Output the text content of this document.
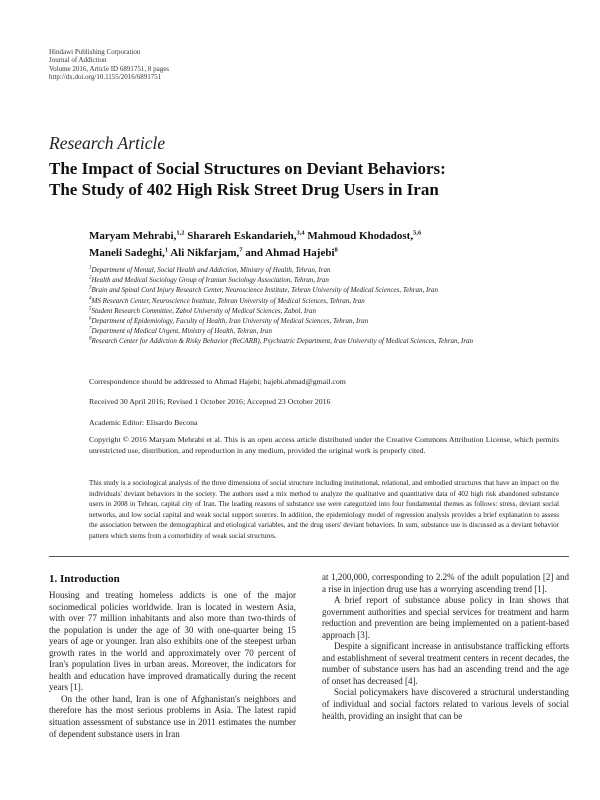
Hindawi Publishing Corporation
Journal of Addiction
Volume 2016, Article ID 6891751, 8 pages
http://dx.doi.org/10.1155/2016/6891751
Research Article
The Impact of Social Structures on Deviant Behaviors:
The Study of 402 High Risk Street Drug Users in Iran
Maryam Mehrabi,$^{1,2}$ Sharareh Eskandarieh,$^{3,4}$ Mahmoud Khodadost,$^{5,6}$
Maneli Sadeghi,$^1$ Ali Nikfarjam,$^7$ and Ahmad Hajebi$^8$
$^1$Department of Mental, Social Health and Addiction, Ministry of Health, Tehran, Iran
$^2$Health and Medical Sociology Group of Iranian Sociology Association, Tehran, Iran
$^3$Brain and Spinal Cord Injury Research Center, Neuroscience Institute, Tehran University of Medical Sciences, Tehran, Iran
$^4$MS Research Center, Neuroscience Institute, Tehran University of Medical Sciences, Tehran, Iran
$^5$Student Research Committee, Zabol University of Medical Sciences, Zabol, Iran
$^6$Department of Epidemiology, Faculty of Health, Iran University of Medical Sciences, Tehran, Iran
$^7$Department of Medical Urgent, Ministry of Health, Tehran, Iran
$^8$Research Center for Addiction & Risky Behavior (ReCARB), Psychiatric Department, Iran University of Medical Sciences, Tehran, Iran
Correspondence should be addressed to Ahmad Hajebi; hajebi.ahmad@gmail.com
Received 30 April 2016; Revised 1 October 2016; Accepted 23 October 2016
Academic Editor: Elisardo Becona
Copyright © 2016 Maryam Mehrabi et al. This is an open access article distributed under the Creative Commons Attribution License, which permits unrestricted use, distribution, and reproduction in any medium, provided the original work is properly cited.
This study is a sociological analysis of the three dimensions of social structure including institutional, relational, and embodied structures that have an impact on the individuals' deviant behaviors in the society. The authors used a mix method to analyze the qualitative and quantitative data of 402 high risk abandoned substance users in 2008 in Tehran, capital city of Iran. The leading reasons of substance use were categorized into four fundamental themes as follows: stress, deviant social networks, and low social capital and weak social support sources. In addition, the epidemiology model of regression analysis provides a brief explanation to assess the association between the demographical and etiological variables, and the drug users' deviant behaviors. In sum, substance use is discussed as a deviant behavior pattern which stems from a comorbidity of weak social structures.
1. Introduction

Housing and treating homeless addicts is one of the major sociomedical policies worldwide. Iran is located in western Asia, with over 77 million inhabitants and also more than two-thirds of the population is under the age of 30 with one-quarter being 15 years of age or younger. Iran also exhibits one of the steepest urban growth rates in the world and approximately over 70 percent of Iran's population lives in urban areas. Moreover, the indicators for health and education have improved dramatically during the recent years [1].

On the other hand, Iran is one of Afghanistan's neighbors and therefore has the most serious problems in Asia. The latest rapid situation assessment of substance use in 2011 estimates the number of dependent substance users in Iran

at 1,200,000, corresponding to 2.2% of the adult population [2] and a rise in injection drug use has a worrying ascending trend [1].

A brief report of substance abuse policy in Iran shows that government authorities and special services for treatment and harm reduction and prevention are being implemented on a patient-based approach [3].

Despite a significant increase in antisubstance trafficking efforts and establishment of several treatment centers in recent decades, the number of substance users has had an ascending trend and the age of onset has decreased [4].

Social policymakers have discovered a structural understanding of individual and social factors related to various levels of social health, providing an insight that can be
